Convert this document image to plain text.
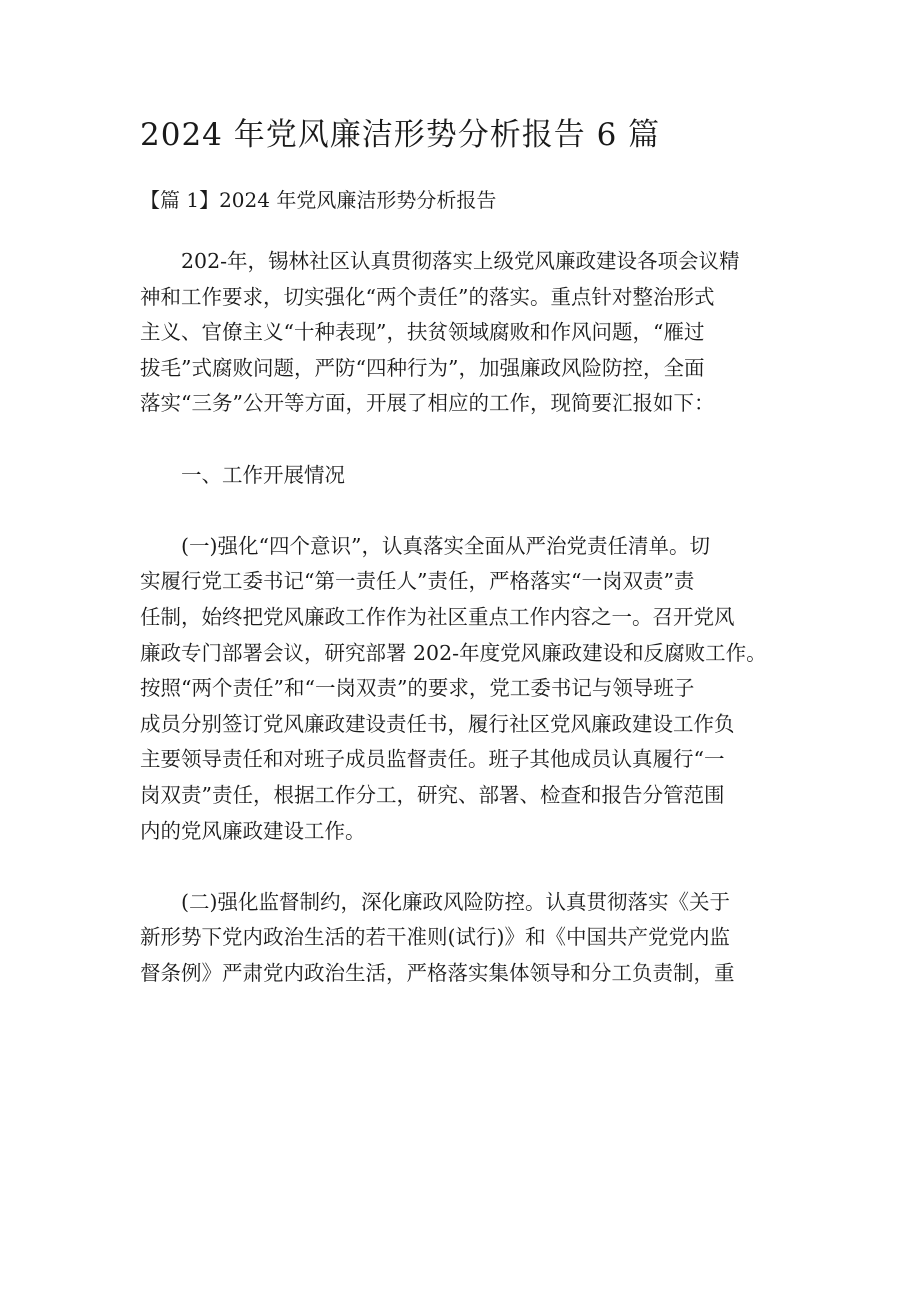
2024 年党风廉洁形势分析报告 6 篇
【篇 1】2024 年党风廉洁形势分析报告
202-年，锡林社区认真贯彻落实上级党风廉政建设各项会议精
神和工作要求，切实强化“两个责任”的落实。重点针对整治形式
主义、官僚主义“十种表现”，扶贫领域腐败和作风问题，“雁过
拔毛”式腐败问题，严防“四种行为”，加强廉政风险防控，全面
落实“三务”公开等方面，开展了相应的工作，现简要汇报如下：
一、工作开展情况
(一)强化“四个意识”，认真落实全面从严治党责任清单。切
实履行党工委书记“第一责任人”责任，严格落实“一岗双责”责
任制，始终把党风廉政工作作为社区重点工作内容之一。召开党风
廉政专门部署会议，研究部署 202-年度党风廉政建设和反腐败工作。
按照“两个责任”和“一岗双责”的要求，党工委书记与领导班子
成员分别签订党风廉政建设责任书，履行社区党风廉政建设工作负
主要领导责任和对班子成员监督责任。班子其他成员认真履行“一
岗双责”责任，根据工作分工，研究、部署、检查和报告分管范围
内的党风廉政建设工作。
(二)强化监督制约，深化廉政风险防控。认真贯彻落实《关于
新形势下党内政治生活的若干准则(试行)》和《中国共产党党内监
督条例》严肃党内政治生活，严格落实集体领导和分工负责制，重
